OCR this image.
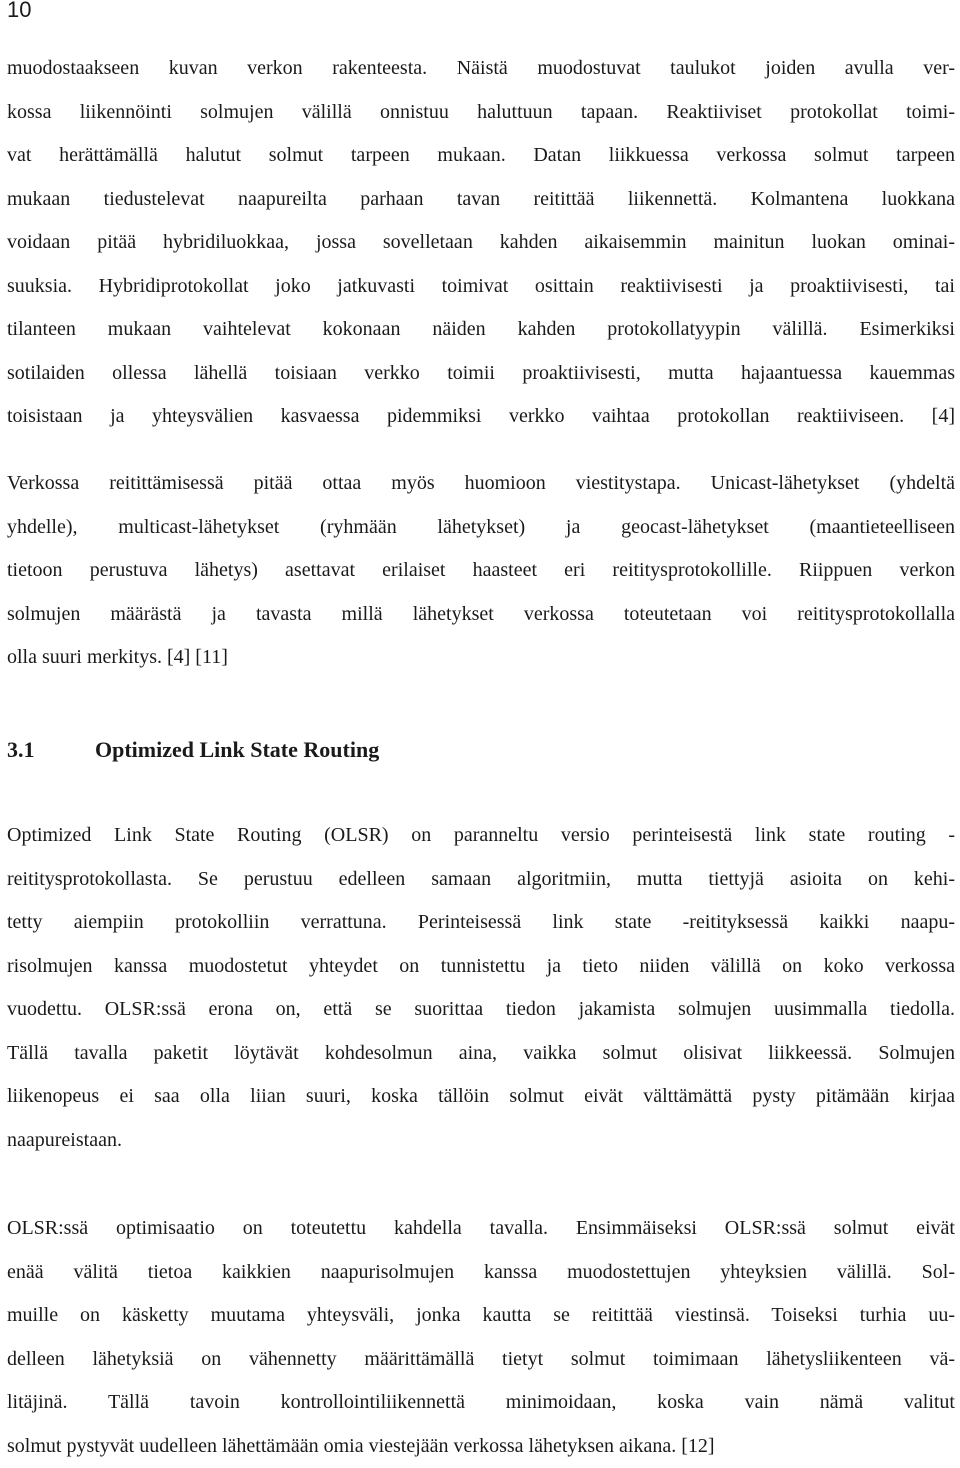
10
muodostaakseen kuvan verkon rakenteesta. Näistä muodostuvat taulukot joiden avulla ver-
kossa liikennöinti solmujen välillä onnistuu haluttuun tapaan. Reaktiiviset protokollat toimi-
vat herättämällä halutut solmut tarpeen mukaan. Datan liikkuessa verkossa solmut tarpeen
mukaan tiedustelevat naapureilta parhaan tavan reitittää liikennettä. Kolmantena luokkana
voidaan pitää hybridiluokkaa, jossa sovelletaan kahden aikaisemmin mainitun luokan ominai-
suuksia. Hybridiprotokollat joko jatkuvasti toimivat osittain reaktiivisesti ja proaktiivisesti, tai
tilanteen mukaan vaihtelevat kokonaan näiden kahden protokollatyypin välillä. Esimerkiksi
sotilaiden ollessa lähellä toisiaan verkko toimii proaktiivisesti, mutta hajaantuessa kauemmas
toisistaan ja yhteysvälien kasvaessa pidemmiksi verkko vaihtaa protokollan reaktiiviseen. [4]
Verkossa reitittämisessä pitää ottaa myös huomioon viestitystapa. Unicast-lähetykset (yhdeltä
yhdelle), multicast-lähetykset (ryhmään lähetykset) ja geocast-lähetykset (maantieteelliseen
tietoon perustuva lähetys) asettavat erilaiset haasteet eri reititysprotokollille. Riippuen verkon
solmujen määrästä ja tavasta millä lähetykset verkossa toteutetaan voi reititysprotokollalla
olla suuri merkitys. [4] [11]
3.1	Optimized Link State Routing
Optimized Link State Routing (OLSR) on paranneltu versio perinteisestä link state routing -
reititysprotokollasta. Se perustuu edelleen samaan algoritmiin, mutta tiettyjä asioita on kehi-
tetty aiempiin protokolliin verrattuna. Perinteisessä link state -reitityksessä kaikki naapu-
risolmujen kanssa muodostetut yhteydet on tunnistettu ja tieto niiden välillä on koko verkossa
vuodettu. OLSR:ssä erona on, että se suorittaa tiedon jakamista solmujen uusimmalla tiedolla.
Tällä tavalla paketit löytävät kohdesolmun aina, vaikka solmut olisivat liikkeessä. Solmujen
liikenopeus ei saa olla liian suuri, koska tällöin solmut eivät välttämättä pysty pitämään kirjaa
naapureistaan.
OLSR:ssä optimisaatio on toteutettu kahdella tavalla. Ensimmäiseksi OLSR:ssä solmut eivät
enää välitä tietoa kaikkien naapurisolmujen kanssa muodostettujen yhteyksien välillä. Sol-
muille on käsketty muutama yhteysväli, jonka kautta se reitittää viestinsä. Toiseksi turhia uu-
delleen lähetyksiä on vähennetty määrittämällä tietyt solmut toimimaan lähetysliikenteen vä-
litäjinä. Tällä tavoin kontrollointiliikennettä minimoidaan, koska vain nämä valitut
solmut pystyvät uudelleen lähettämään omia viestejään verkossa lähetyksen aikana. [12]
